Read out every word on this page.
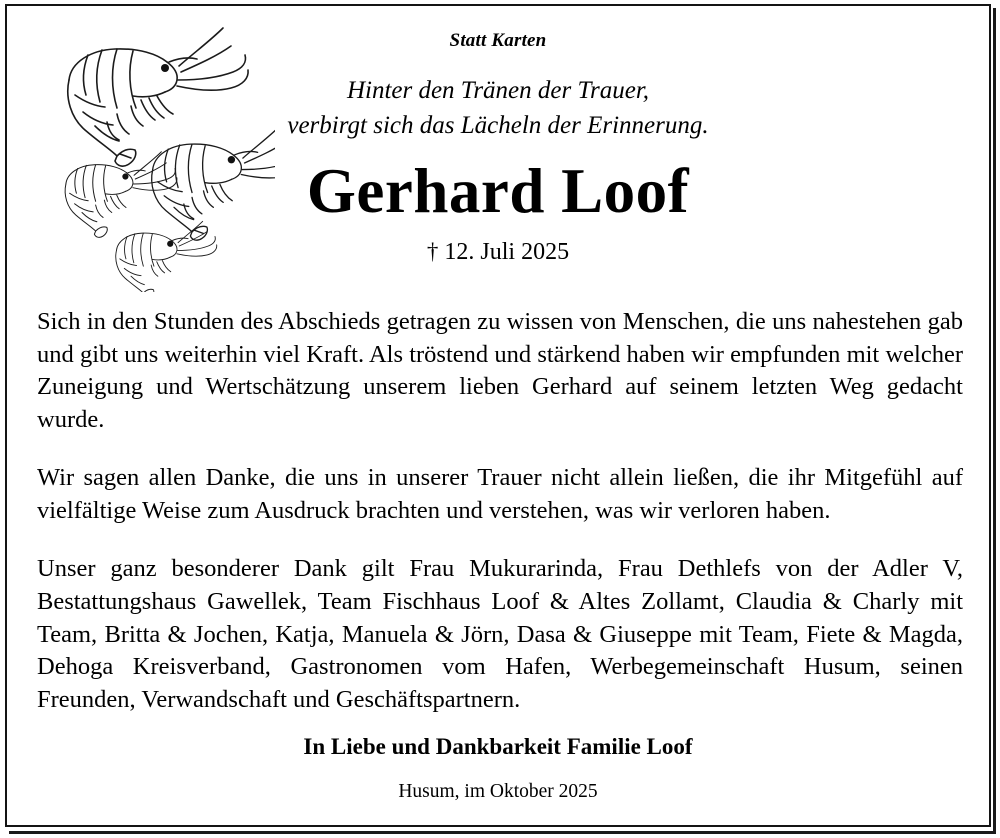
Statt Karten
Hinter den Tränen der Trauer,
verbirgt sich das Lächeln der Erinnerung.
Gerhard Loof
† 12. Juli 2025

Sich in den Stunden des Abschieds getragen zu wissen von Menschen, die uns nahestehen gab und gibt uns weiterhin viel Kraft. Als tröstend und stärkend haben wir empfunden mit welcher Zuneigung und Wertschätzung unserem lieben Gerhard auf seinem letzten Weg gedacht wurde.

Wir sagen allen Danke, die uns in unserer Trauer nicht allein ließen, die ihr Mitgefühl auf vielfältige Weise zum Ausdruck brachten und verstehen, was wir verloren haben.

Unser ganz besonderer Dank gilt Frau Mukurarinda, Frau Dethlefs von der Adler V, Bestattungshaus Gawellek, Team Fischhaus Loof & Altes Zollamt, Claudia & Charly mit Team, Britta & Jochen, Katja, Manuela & Jörn, Dasa & Giuseppe mit Team, Fiete & Magda, Dehoga Kreisverband, Gastronomen vom Hafen, Werbegemeinschaft Husum, seinen Freunden, Verwandschaft und Geschäftspartnern.

In Liebe und Dankbarkeit Familie Loof
Husum, im Oktober 2025
